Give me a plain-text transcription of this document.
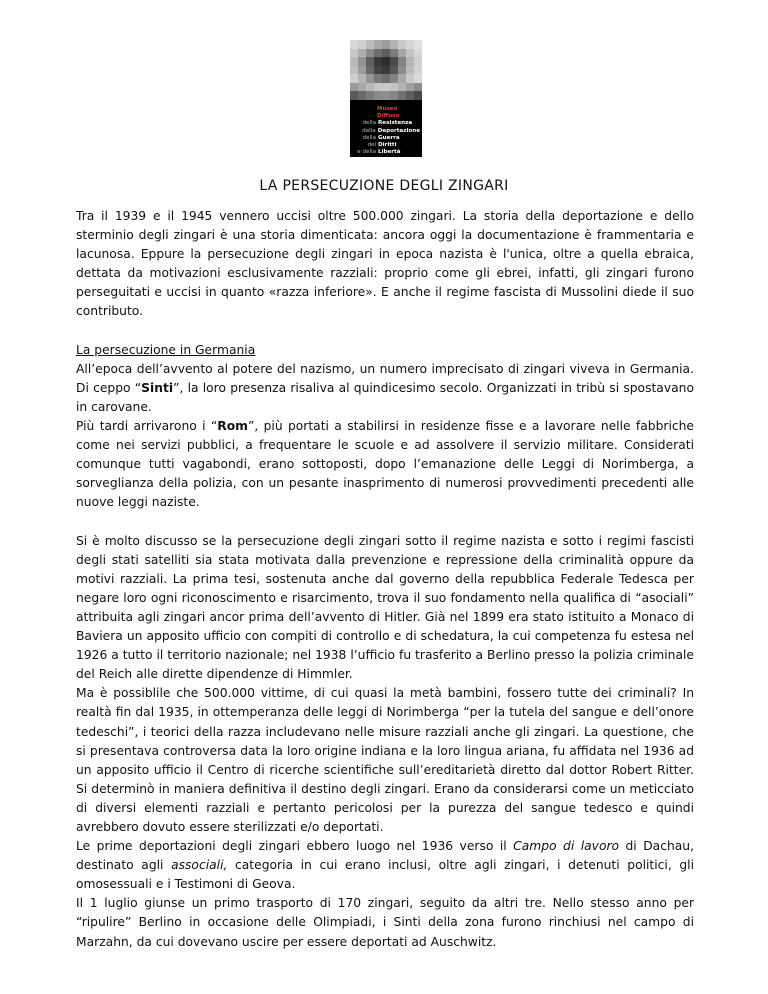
Museo Diffuso
della Resistenza
della Deportazione
della Guerra
dei Diritti
e della Libertà
LA PERSECUZIONE DEGLI ZINGARI

Tra il 1939 e il 1945 vennero uccisi oltre 500.000 zingari. La storia della deportazione e dello sterminio degli zingari è una storia dimenticata: ancora oggi la documentazione è frammentaria e lacunosa. Eppure la persecuzione degli zingari in epoca nazista è l'unica, oltre a quella ebraica, dettata da motivazioni esclusivamente razziali: proprio come gli ebrei, infatti, gli zingari furono perseguitati e uccisi in quanto «razza inferiore». E anche il regime fascista di Mussolini diede il suo contributo.

La persecuzione in Germania

All’epoca dell’avvento al potere del nazismo, un numero imprecisato di zingari viveva in Germania. Di ceppo “Sinti”, la loro presenza risaliva al quindicesimo secolo. Organizzati in tribù si spostavano in carovane.

Più tardi arrivarono i “Rom”, più portati a stabilirsi in residenze fisse e a lavorare nelle fabbriche come nei servizi pubblici, a frequentare le scuole e ad assolvere il servizio militare. Considerati comunque tutti vagabondi, erano sottoposti, dopo l’emanazione delle Leggi di Norimberga, a sorveglianza della polizia, con un pesante inasprimento di numerosi provvedimenti precedenti alle nuove leggi naziste.

Si è molto discusso se la persecuzione degli zingari sotto il regime nazista e sotto i regimi fascisti degli stati satelliti sia stata motivata dalla prevenzione e repressione della criminalità oppure da motivi razziali. La prima tesi, sostenuta anche dal governo della repubblica Federale Tedesca per negare loro ogni riconoscimento e risarcimento, trova il suo fondamento nella qualifica di “asociali” attribuita agli zingari ancor prima dell’avvento di Hitler. Già nel 1899 era stato istituito a Monaco di Baviera un apposito ufficio con compiti di controllo e di schedatura, la cui competenza fu estesa nel 1926 a tutto il territorio nazionale; nel 1938 l’ufficio fu trasferito a Berlino presso la polizia criminale del Reich alle dirette dipendenze di Himmler.

Ma è possiblile che 500.000 vittime, di cui quasi la metà bambini, fossero tutte dei criminali? In realtà fin dal 1935, in ottemperanza delle leggi di Norimberga “per la tutela del sangue e dell’onore tedeschi”, i teorici della razza includevano nelle misure razziali anche gli zingari. La questione, che si presentava controversa data la loro origine indiana e la loro lingua ariana, fu affidata nel 1936 ad un apposito ufficio il Centro di ricerche scientifiche sull’ereditarietà diretto dal dottor Robert Ritter. Si determinò in maniera definitiva il destino degli zingari. Erano da considerarsi come un meticciato di diversi elementi razziali e pertanto pericolosi per la purezza del sangue tedesco e quindi avrebbero dovuto essere sterilizzati e/o deportati.

Le prime deportazioni degli zingari ebbero luogo nel 1936 verso il Campo di lavoro di Dachau, destinato agli associali, categoria in cui erano inclusi, oltre agli zingari, i detenuti politici, gli omosessuali e i Testimoni di Geova.

Il 1 luglio giunse un primo trasporto di 170 zingari, seguito da altri tre. Nello stesso anno per “ripulire” Berlino in occasione delle Olimpiadi, i Sinti della zona furono rinchiusi nel campo di Marzahn, da cui dovevano uscire per essere deportati ad Auschwitz.
